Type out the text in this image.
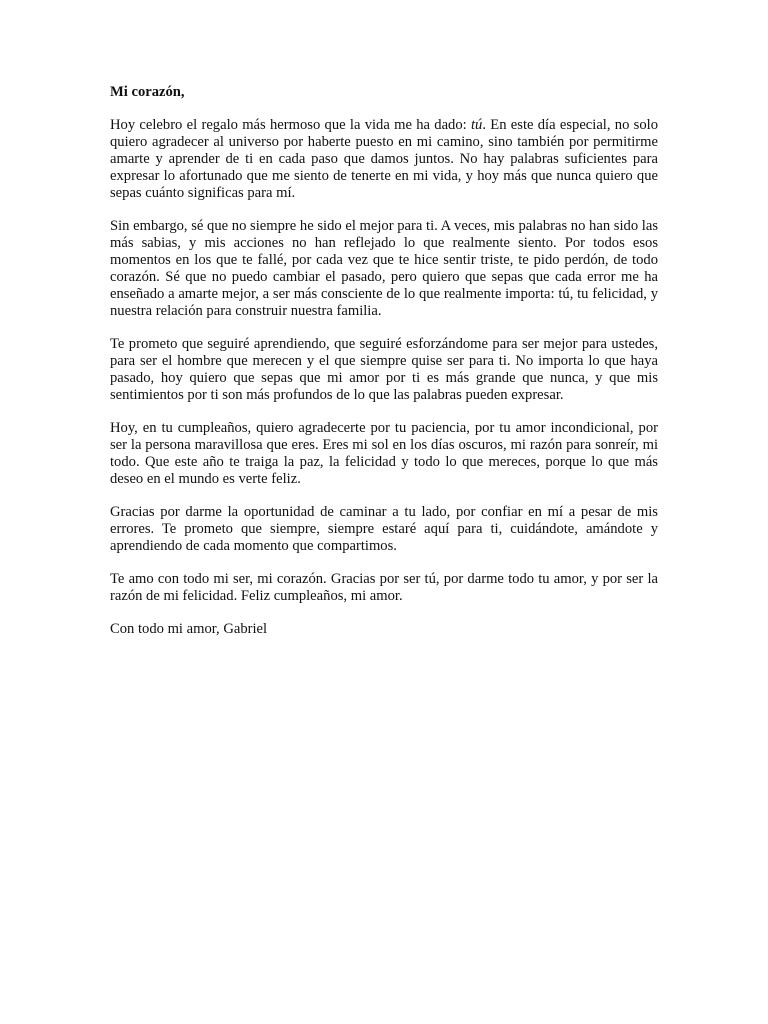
Mi corazón,

Hoy celebro el regalo más hermoso que la vida me ha dado: tú. En este día especial, no solo quiero agradecer al universo por haberte puesto en mi camino, sino también por permitirme amarte y aprender de ti en cada paso que damos juntos. No hay palabras suficientes para expresar lo afortunado que me siento de tenerte en mi vida, y hoy más que nunca quiero que sepas cuánto significas para mí.

Sin embargo, sé que no siempre he sido el mejor para ti. A veces, mis palabras no han sido las más sabias, y mis acciones no han reflejado lo que realmente siento. Por todos esos momentos en los que te fallé, por cada vez que te hice sentir triste, te pido perdón, de todo corazón. Sé que no puedo cambiar el pasado, pero quiero que sepas que cada error me ha enseñado a amarte mejor, a ser más consciente de lo que realmente importa: tú, tu felicidad, y nuestra relación para construir nuestra familia.

Te prometo que seguiré aprendiendo, que seguiré esforzándome para ser mejor para ustedes, para ser el hombre que merecen y el que siempre quise ser para ti. No importa lo que haya pasado, hoy quiero que sepas que mi amor por ti es más grande que nunca, y que mis sentimientos por ti son más profundos de lo que las palabras pueden expresar.

Hoy, en tu cumpleaños, quiero agradecerte por tu paciencia, por tu amor incondicional, por ser la persona maravillosa que eres. Eres mi sol en los días oscuros, mi razón para sonreír, mi todo. Que este año te traiga la paz, la felicidad y todo lo que mereces, porque lo que más deseo en el mundo es verte feliz.

Gracias por darme la oportunidad de caminar a tu lado, por confiar en mí a pesar de mis errores. Te prometo que siempre, siempre estaré aquí para ti, cuidándote, amándote y aprendiendo de cada momento que compartimos.

Te amo con todo mi ser, mi corazón. Gracias por ser tú, por darme todo tu amor, y por ser la razón de mi felicidad. Feliz cumpleaños, mi amor.

Con todo mi amor, Gabriel
